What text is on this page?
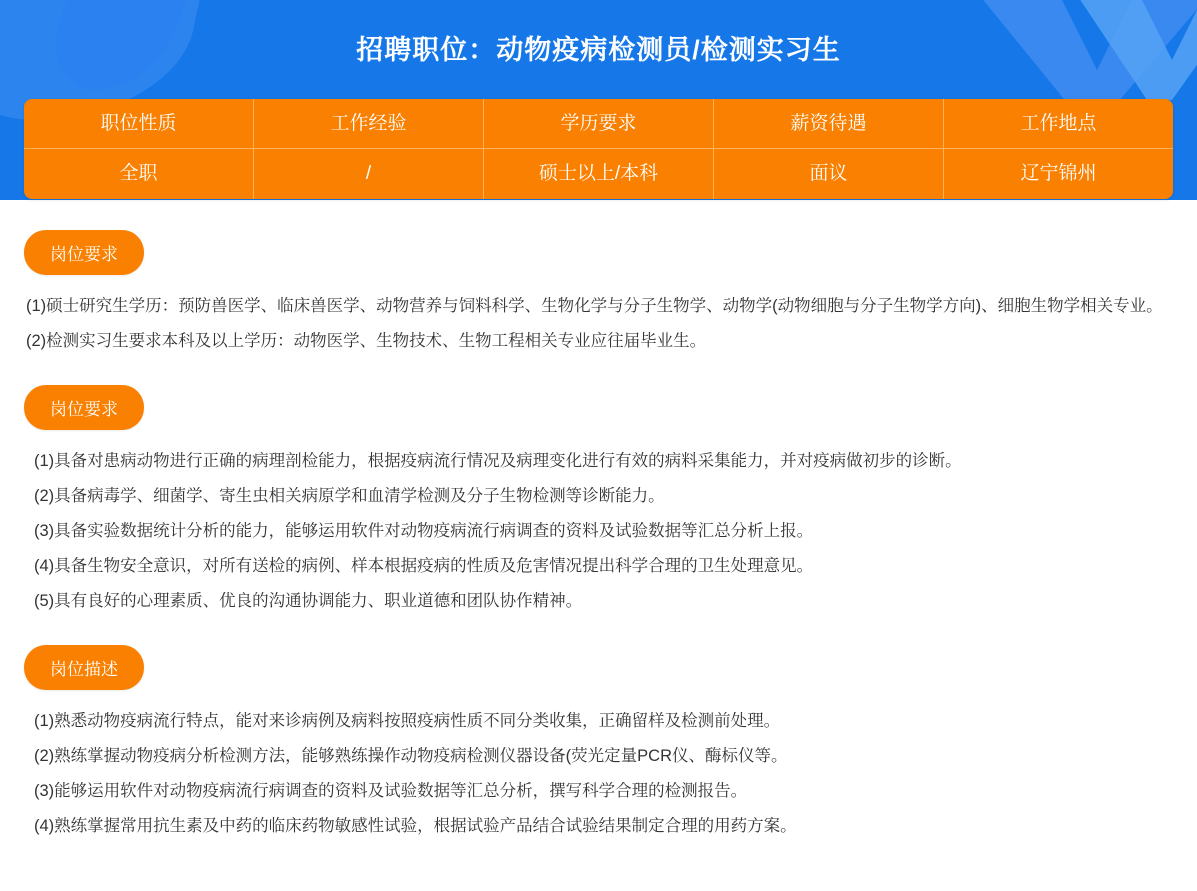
招聘职位：动物疫病检测员/检测实习生
职位性质	工作经验	学历要求	薪资待遇	工作地点
全职	/	硕士以上/本科	面议	辽宁锦州
岗位要求
(1)硕士研究生学历：预防兽医学、临床兽医学、动物营养与饲料科学、生物化学与分子生物学、动物学(动物细胞与分子生物学方向)、细胞生物学相关专业。
(2)检测实习生要求本科及以上学历：动物医学、生物技术、生物工程相关专业应往届毕业生。
岗位要求
(1)具备对患病动物进行正确的病理剖检能力，根据疫病流行情况及病理变化进行有效的病料采集能力，并对疫病做初步的诊断。
(2)具备病毒学、细菌学、寄生虫相关病原学和血清学检测及分子生物检测等诊断能力。
(3)具备实验数据统计分析的能力，能够运用软件对动物疫病流行病调查的资料及试验数据等汇总分析上报。
(4)具备生物安全意识，对所有送检的病例、样本根据疫病的性质及危害情况提出科学合理的卫生处理意见。
(5)具有良好的心理素质、优良的沟通协调能力、职业道德和团队协作精神。
岗位描述
(1)熟悉动物疫病流行特点，能对来诊病例及病料按照疫病性质不同分类收集，正确留样及检测前处理。
(2)熟练掌握动物疫病分析检测方法，能够熟练操作动物疫病检测仪器设备(荧光定量PCR仪、酶标仪等。
(3)能够运用软件对动物疫病流行病调查的资料及试验数据等汇总分析，撰写科学合理的检测报告。
(4)熟练掌握常用抗生素及中药的临床药物敏感性试验，根据试验产品结合试验结果制定合理的用药方案。
